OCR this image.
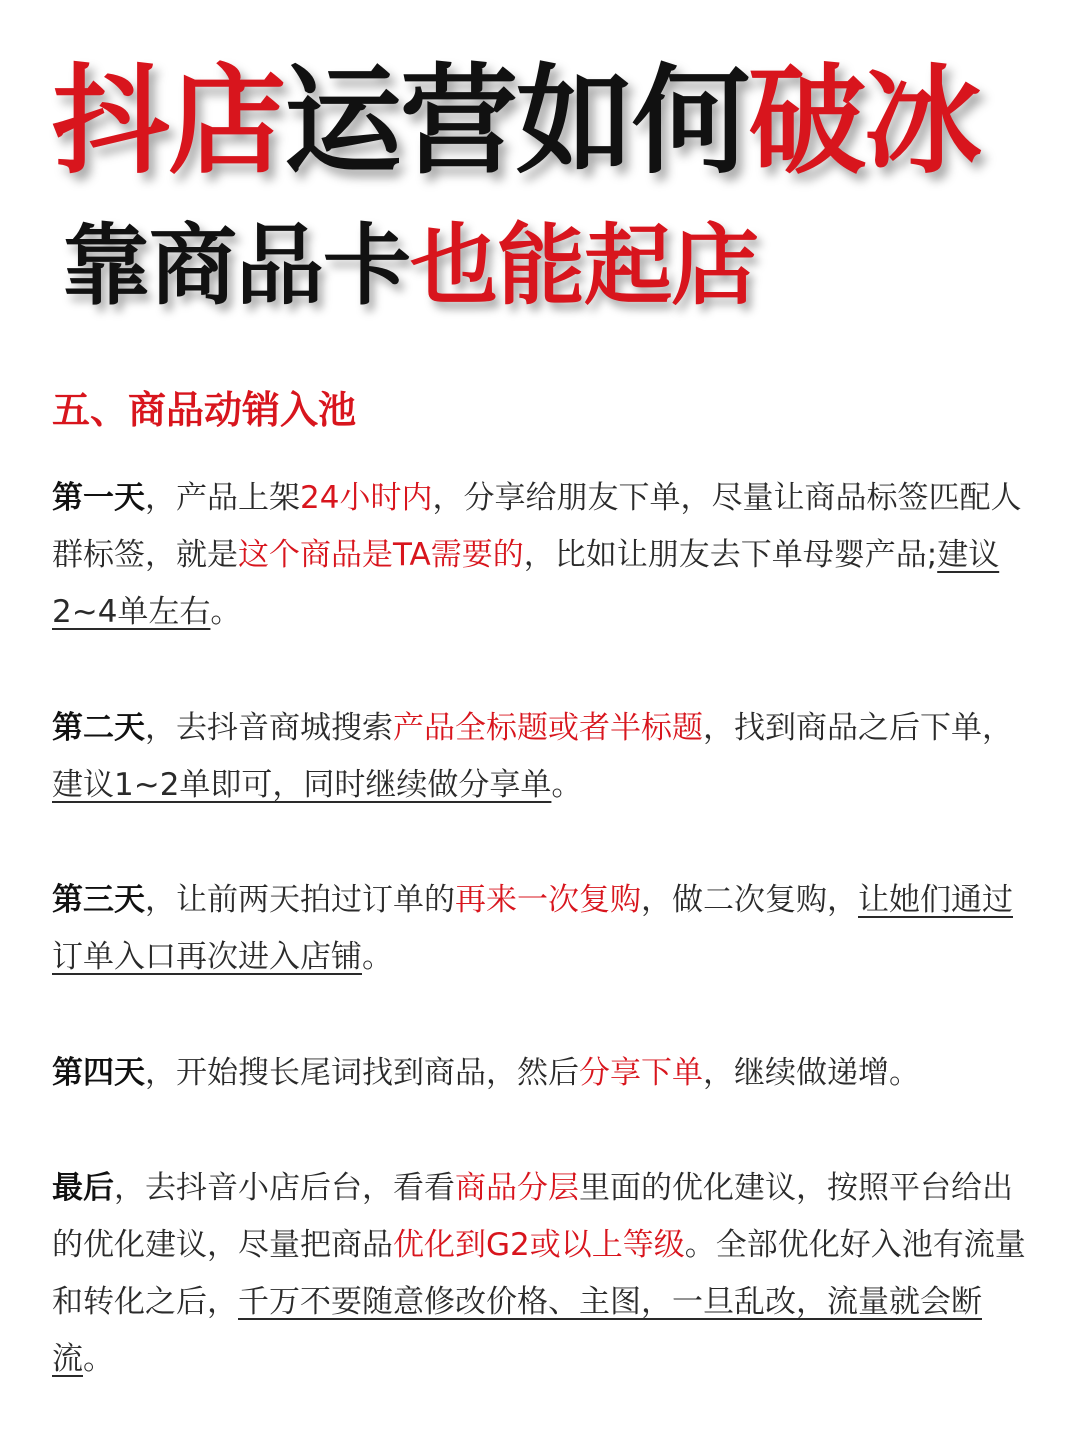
抖店运营如何破冰
靠商品卡也能起店
五、商品动销入池
第一天，产品上架24小时内，分享给朋友下单，尽量让商品标签匹配人群标签，就是这个商品是TA需要的，比如让朋友去下单母婴产品;建议2~4单左右。
第二天，去抖音商城搜索产品全标题或者半标题，找到商品之后下单，建议1~2单即可，同时继续做分享单。
第三天，让前两天拍过订单的再来一次复购，做二次复购，让她们通过订单入口再次进入店铺。
第四天，开始搜长尾词找到商品，然后分享下单，继续做递增。
最后，去抖音小店后台，看看商品分层里面的优化建议，按照平台给出的优化建议，尽量把商品优化到G2或以上等级。全部优化好入池有流量和转化之后，千万不要随意修改价格、主图，一旦乱改，流量就会断流。
